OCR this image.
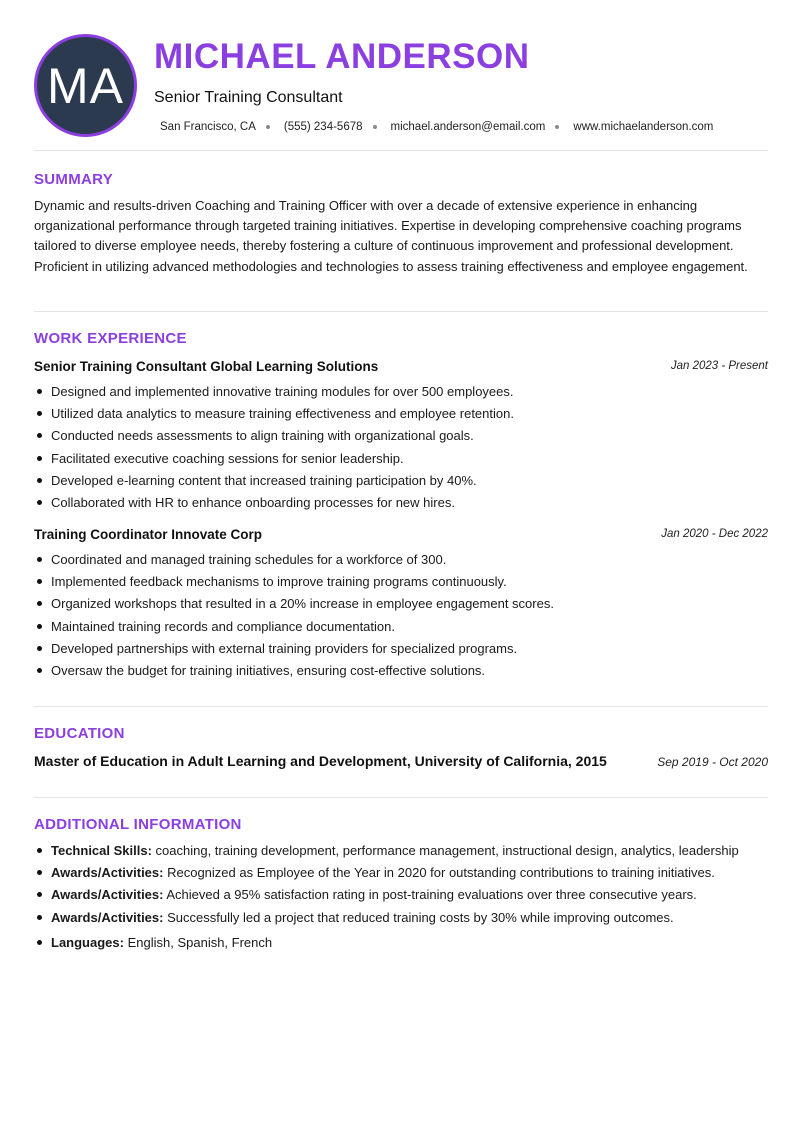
MA
MICHAEL ANDERSON
Senior Training Consultant
San Francisco, CA (555) 234-5678 michael.anderson@email.com www.michaelanderson.com
SUMMARY

Dynamic and results-driven Coaching and Training Officer with over a decade of extensive experience in enhancing organizational performance through targeted training initiatives. Expertise in developing comprehensive coaching programs tailored to diverse employee needs, thereby fostering a culture of continuous improvement and professional development. Proficient in utilizing advanced methodologies and technologies to assess training effectiveness and employee engagement.

WORK EXPERIENCE
Senior Training Consultant Global Learning Solutions	Jan 2023 - Present
Designed and implemented innovative training modules for over 500 employees.
Utilized data analytics to measure training effectiveness and employee retention.
Conducted needs assessments to align training with organizational goals.
Facilitated executive coaching sessions for senior leadership.
Developed e-learning content that increased training participation by 40%.
Collaborated with HR to enhance onboarding processes for new hires.
Training Coordinator Innovate Corp	Jan 2020 - Dec 2022
Coordinated and managed training schedules for a workforce of 300.
Implemented feedback mechanisms to improve training programs continuously.
Organized workshops that resulted in a 20% increase in employee engagement scores.
Maintained training records and compliance documentation.
Developed partnerships with external training providers for specialized programs.
Oversaw the budget for training initiatives, ensuring cost-effective solutions.
EDUCATION
Master of Education in Adult Learning and Development, University of California, 2015	Sep 2019 - Oct 2020
ADDITIONAL INFORMATION
Technical Skills: coaching, training development, performance management, instructional design, analytics, leadership
Awards/Activities: Recognized as Employee of the Year in 2020 for outstanding contributions to training initiatives.
Awards/Activities: Achieved a 95% satisfaction rating in post-training evaluations over three consecutive years.
Awards/Activities: Successfully led a project that reduced training costs by 30% while improving outcomes.
Languages: English, Spanish, French
